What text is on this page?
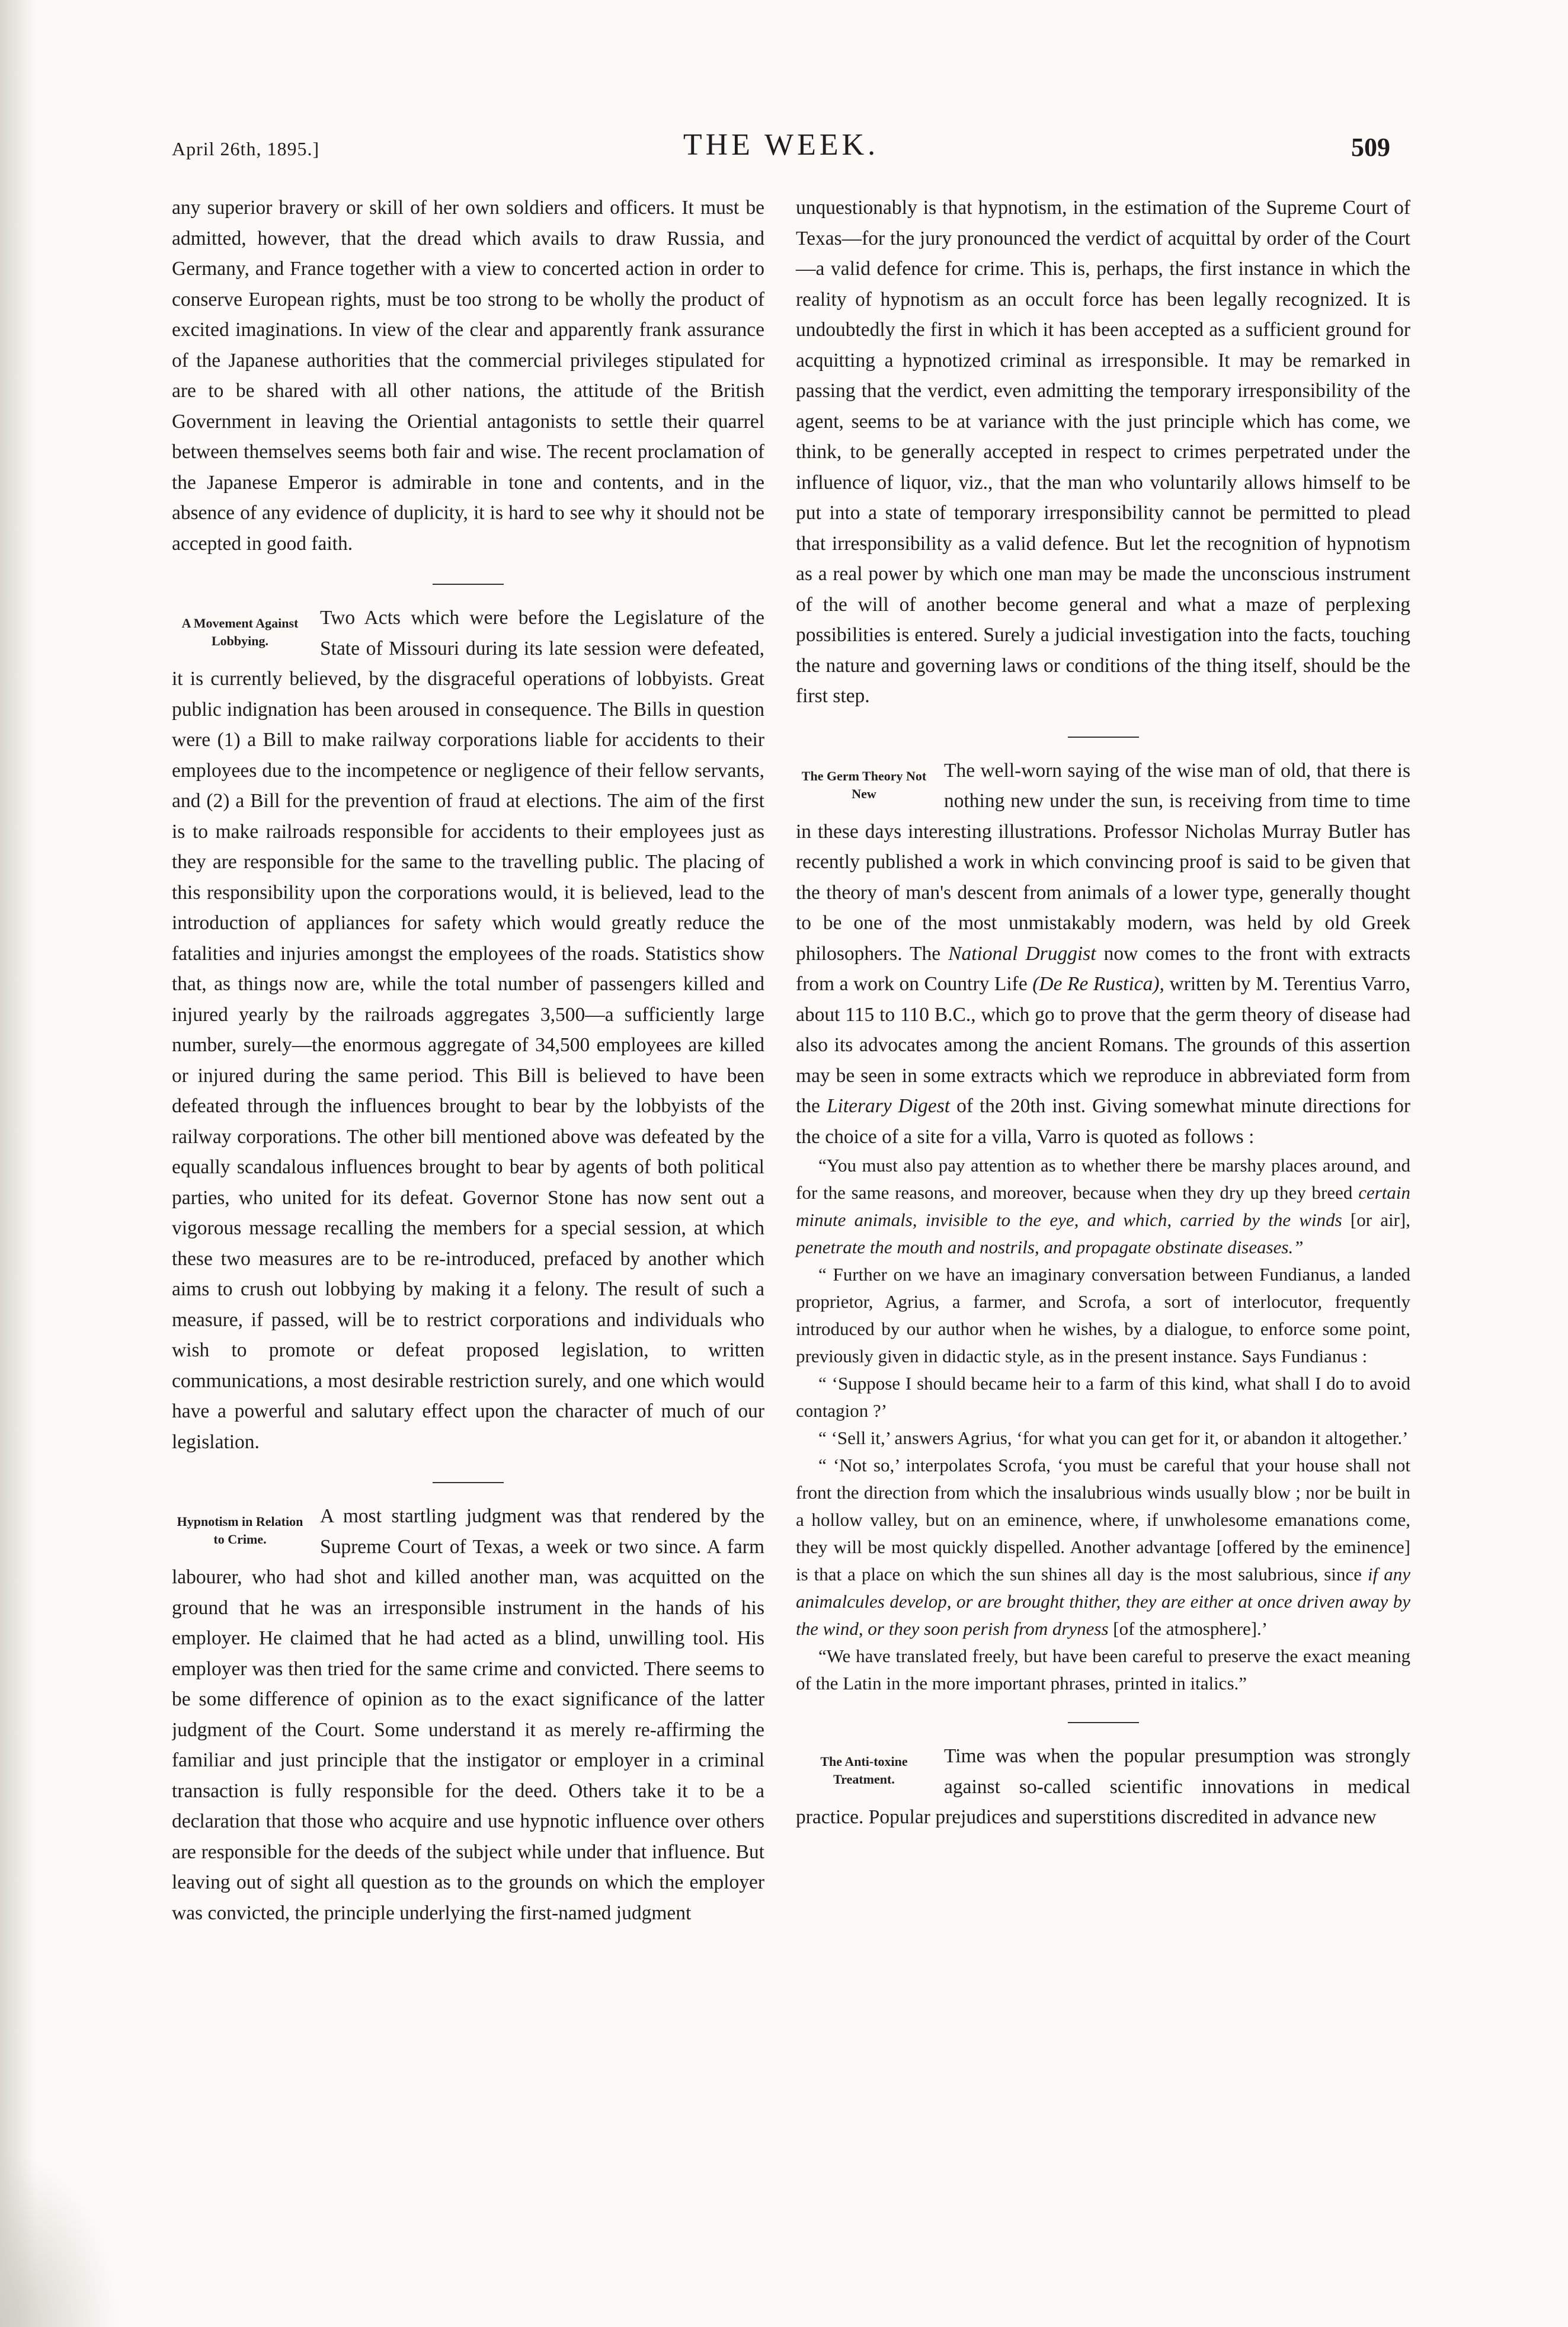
April 26th, 1895.]	THE WEEK.	509

any superior bravery or skill of her own soldiers and officers. It must be admitted, however, that the dread which avails to draw Russia, and Germany, and France together with a view to concerted action in order to conserve European rights, must be too strong to be wholly the product of excited imaginations. In view of the clear and apparently frank assurance of the Japanese authorities that the commercial privileges stipulated for are to be shared with all other nations, the attitude of the British Government in leaving the Oriential antagonists to settle their quarrel between themselves seems both fair and wise. The recent proclamation of the Japanese Emperor is admirable in tone and contents, and in the absence of any evidence of duplicity, it is hard to see why it should not be accepted in good faith.

A Movement Against Lobbying.

Two Acts which were before the Legislature of the State of Missouri during its late session were defeated, it is currently believed, by the disgraceful operations of lobbyists. Great public indignation has been aroused in consequence. The Bills in question were (1) a Bill to make railway corporations liable for accidents to their employees due to the incompetence or negligence of their fellow servants, and (2) a Bill for the prevention of fraud at elections. The aim of the first is to make railroads responsible for accidents to their employees just as they are responsible for the same to the travelling public. The placing of this responsibility upon the corporations would, it is believed, lead to the introduction of appliances for safety which would greatly reduce the fatalities and injuries amongst the employees of the roads. Statistics show that, as things now are, while the total number of passengers killed and injured yearly by the railroads aggregates 3,500—a sufficiently large number, surely—the enormous aggregate of 34,500 employees are killed or injured during the same period. This Bill is believed to have been defeated through the influences brought to bear by the lobbyists of the railway corporations. The other bill mentioned above was defeated by the equally scandalous influences brought to bear by agents of both political parties, who united for its defeat. Governor Stone has now sent out a vigorous message recalling the members for a special session, at which these two measures are to be re-introduced, prefaced by another which aims to crush out lobbying by making it a felony. The result of such a measure, if passed, will be to restrict corporations and individuals who wish to promote or defeat proposed legislation, to written communications, a most desirable restriction surely, and one which would have a powerful and salutary effect upon the character of much of our legislation.

Hypnotism in Relation to Crime.

A most startling judgment was that rendered by the Supreme Court of Texas, a week or two since. A farm labourer, who had shot and killed another man, was acquitted on the ground that he was an irresponsible instrument in the hands of his employer. He claimed that he had acted as a blind, unwilling tool. His employer was then tried for the same crime and convicted. There seems to be some difference of opinion as to the exact significance of the latter judgment of the Court. Some understand it as merely re-affirming the familiar and just principle that the instigator or employer in a criminal transaction is fully responsible for the deed. Others take it to be a declaration that those who acquire and use hypnotic influence over others are responsible for the deeds of the subject while under that influence. But leaving out of sight all question as to the grounds on which the employer was convicted, the principle underlying the first-named judgment

unquestionably is that hypnotism, in the estimation of the Supreme Court of Texas—for the jury pronounced the verdict of acquittal by order of the Court—a valid defence for crime. This is, perhaps, the first instance in which the reality of hypnotism as an occult force has been legally recognized. It is undoubtedly the first in which it has been accepted as a sufficient ground for acquitting a hypnotized criminal as irresponsible. It may be remarked in passing that the verdict, even admitting the temporary irresponsibility of the agent, seems to be at variance with the just principle which has come, we think, to be generally accepted in respect to crimes perpetrated under the influence of liquor, viz., that the man who voluntarily allows himself to be put into a state of temporary irresponsibility cannot be permitted to plead that irresponsibility as a valid defence. But let the recognition of hypnotism as a real power by which one man may be made the unconscious instrument of the will of another become general and what a maze of perplexing possibilities is entered. Surely a judicial investigation into the facts, touching the nature and governing laws or conditions of the thing itself, should be the first step.

The Germ Theory Not New

The well-worn saying of the wise man of old, that there is nothing new under the sun, is receiving from time to time in these days interesting illustrations. Professor Nicholas Murray Butler has recently published a work in which convincing proof is said to be given that the theory of man's descent from animals of a lower type, generally thought to be one of the most unmistakably modern, was held by old Greek philosophers. The National Druggist now comes to the front with extracts from a work on Country Life (De Re Rustica), written by M. Terentius Varro, about 115 to 110 B.C., which go to prove that the germ theory of disease had also its advocates among the ancient Romans. The grounds of this assertion may be seen in some extracts which we reproduce in abbreviated form from the Literary Digest of the 20th inst. Giving somewhat minute directions for the choice of a site for a villa, Varro is quoted as follows :

“You must also pay attention as to whether there be marshy places around, and for the same reasons, and moreover, because when they dry up they breed certain minute animals, invisible to the eye, and which, carried by the winds [or air], penetrate the mouth and nostrils, and propagate obstinate diseases.”

“ Further on we have an imaginary conversation between Fundianus, a landed proprietor, Agrius, a farmer, and Scrofa, a sort of interlocutor, frequently introduced by our author when he wishes, by a dialogue, to enforce some point, previously given in didactic style, as in the present instance. Says Fundianus :

“ ‘Suppose I should became heir to a farm of this kind, what shall I do to avoid contagion ?’

“ ‘Sell it,’ answers Agrius, ‘for what you can get for it, or abandon it altogether.’

“ ‘Not so,’ interpolates Scrofa, ‘you must be careful that your house shall not front the direction from which the insalubrious winds usually blow ; nor be built in a hollow valley, but on an eminence, where, if unwholesome emanations come, they will be most quickly dispelled. Another advantage [offered by the eminence] is that a place on which the sun shines all day is the most salubrious, since if any animalcules develop, or are brought thither, they are either at once driven away by the wind, or they soon perish from dryness [of the atmosphere].’

“We have translated freely, but have been careful to preserve the exact meaning of the Latin in the more important phrases, printed in italics.”

The Anti-toxine Treatment.

Time was when the popular presumption was strongly against so-called scientific innovations in medical practice. Popular prejudices and superstitions discredited in advance new
